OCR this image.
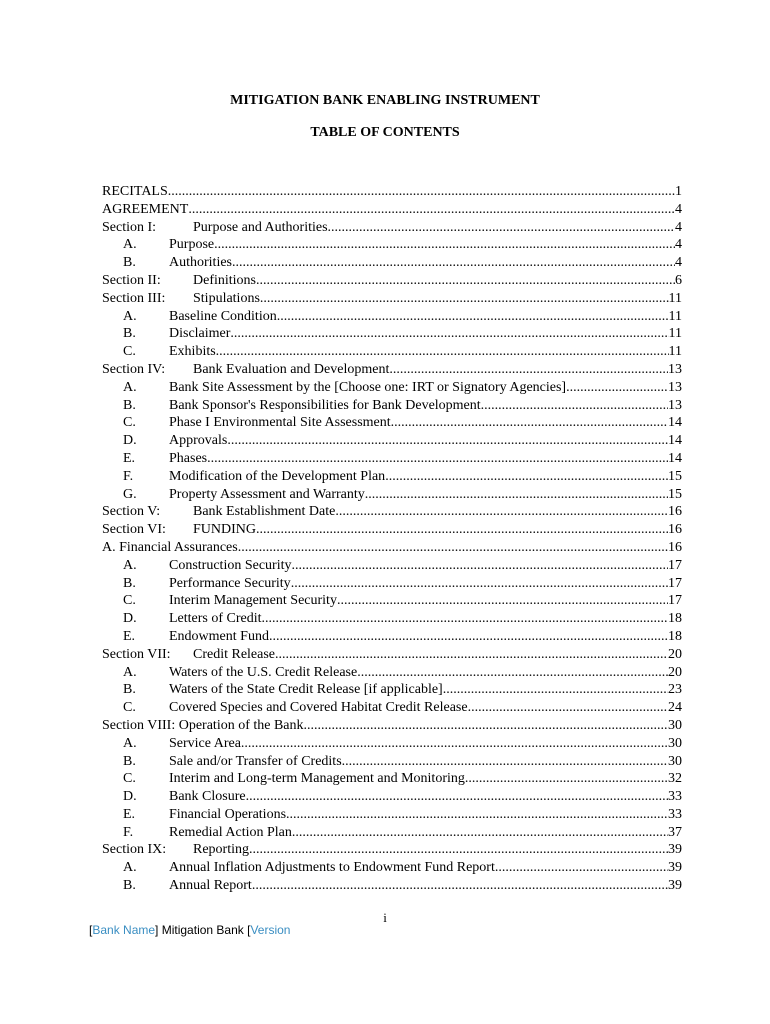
MITIGATION BANK ENABLING INSTRUMENT
TABLE OF CONTENTS
RECITALS .....	1
AGREEMENT .....	4
Section I:	Purpose and Authorities .....	4
A.	Purpose .....	4
B.	Authorities .....	4
Section II:	Definitions .....	6
Section III:	Stipulations .....	11
A.	Baseline Condition .....	11
B.	Disclaimer .....	11
C.	Exhibits .....	11
Section IV:	Bank Evaluation and Development .....	13
A.	Bank Site Assessment by the [Choose one: IRT or Signatory Agencies] .....	13
B.	Bank Sponsor's Responsibilities for Bank Development .....	13
C.	Phase I Environmental Site Assessment .....	14
D.	Approvals .....	14
E.	Phases .....	14
F.	Modification of the Development Plan .....	15
G.	Property Assessment and Warranty .....	15
Section V:	Bank Establishment Date .....	16
Section VI:	FUNDING .....	16
A. Financial Assurances .....	16
A.	Construction Security .....	17
B.	Performance Security .....	17
C.	Interim Management Security .....	17
D.	Letters of Credit .....	18
E.	Endowment Fund .....	18
Section VII:	Credit Release .....	20
A.	Waters of the U.S. Credit Release .....	20
B.	Waters of the State Credit Release [if applicable] .....	23
C.	Covered Species and Covered Habitat Credit Release .....	24
Section VIII: Operation of the Bank .....	30
A.	Service Area .....	30
B.	Sale and/or Transfer of Credits .....	30
C.	Interim and Long-term Management and Monitoring .....	32
D.	Bank Closure .....	33
E.	Financial Operations .....	33
F.	Remedial Action Plan .....	37
Section IX:	Reporting .....	39
A.	Annual Inflation Adjustments to Endowment Fund Report .....	39
B.	Annual Report .....	39
i
[Bank Name] Mitigation Bank [Version
